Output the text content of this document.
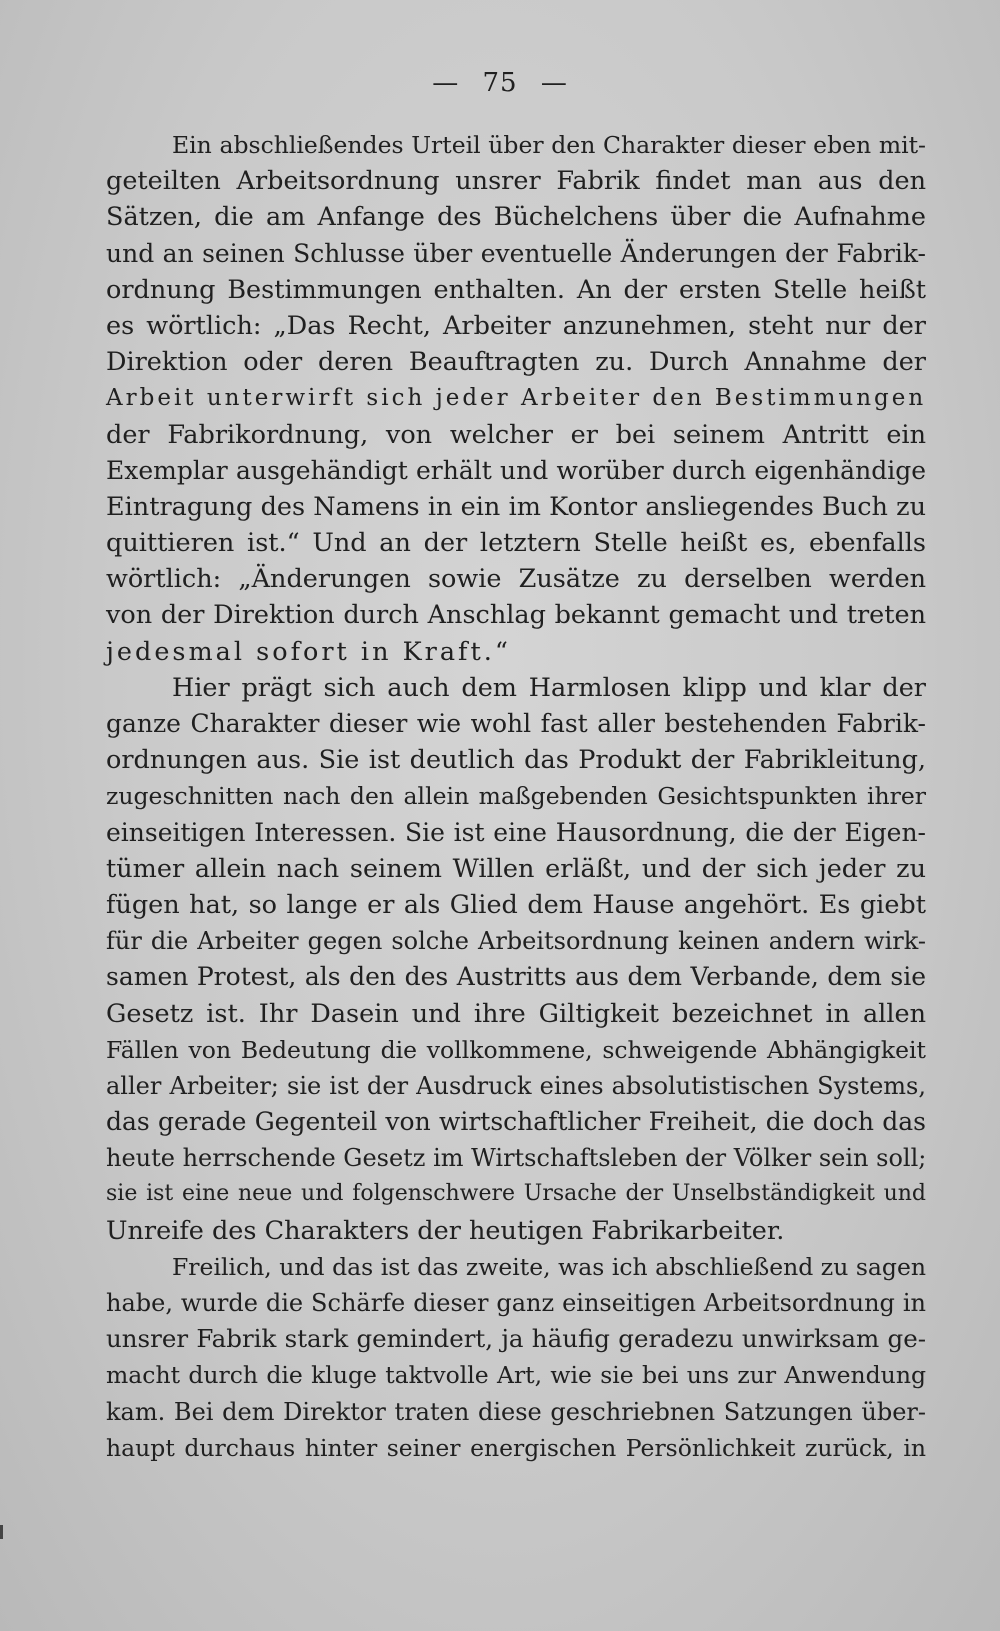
— 75 —
Ein abschließendes Urteil über den Charakter dieser eben mit-
geteilten Arbeitsordnung unsrer Fabrik findet man aus den
Sätzen, die am Anfange des Büchelchens über die Aufnahme
und an seinen Schlusse über eventuelle Änderungen der Fabrik-
ordnung Bestimmungen enthalten. An der ersten Stelle heißt
es wörtlich: „Das Recht, Arbeiter anzunehmen, steht nur der
Direktion oder deren Beauftragten zu. Durch Annahme der
Arbeit unterwirft sich jeder Arbeiter den Bestimmungen
der Fabrikordnung, von welcher er bei seinem Antritt ein
Exemplar ausgehändigt erhält und worüber durch eigenhändige
Eintragung des Namens in ein im Kontor ansliegendes Buch zu
quittieren ist.“ Und an der letztern Stelle heißt es, ebenfalls
wörtlich: „Änderungen sowie Zusätze zu derselben werden
von der Direktion durch Anschlag bekannt gemacht und treten
jedesmal sofort in Kraft.“
Hier prägt sich auch dem Harmlosen klipp und klar der
ganze Charakter dieser wie wohl fast aller bestehenden Fabrik-
ordnungen aus. Sie ist deutlich das Produkt der Fabrikleitung,
zugeschnitten nach den allein maßgebenden Gesichtspunkten ihrer
einseitigen Interessen. Sie ist eine Hausordnung, die der Eigen-
tümer allein nach seinem Willen erläßt, und der sich jeder zu
fügen hat, so lange er als Glied dem Hause angehört. Es giebt
für die Arbeiter gegen solche Arbeitsordnung keinen andern wirk-
samen Protest, als den des Austritts aus dem Verbande, dem sie
Gesetz ist. Ihr Dasein und ihre Giltigkeit bezeichnet in allen
Fällen von Bedeutung die vollkommene, schweigende Abhängigkeit
aller Arbeiter; sie ist der Ausdruck eines absolutistischen Systems,
das gerade Gegenteil von wirtschaftlicher Freiheit, die doch das
heute herrschende Gesetz im Wirtschaftsleben der Völker sein soll;
sie ist eine neue und folgenschwere Ursache der Unselbständigkeit und
Unreife des Charakters der heutigen Fabrikarbeiter.
Freilich, und das ist das zweite, was ich abschließend zu sagen
habe, wurde die Schärfe dieser ganz einseitigen Arbeitsordnung in
unsrer Fabrik stark gemindert, ja häufig geradezu unwirksam ge-
macht durch die kluge taktvolle Art, wie sie bei uns zur Anwendung
kam. Bei dem Direktor traten diese geschriebnen Satzungen über-
haupt durchaus hinter seiner energischen Persönlichkeit zurück, in
